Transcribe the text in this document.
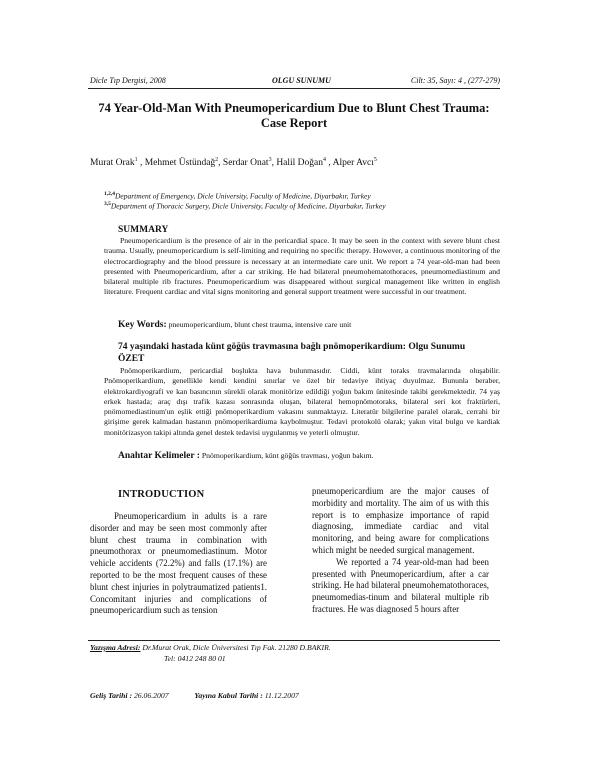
Dicle Tıp Dergisi, 2008	OLGU SUNUMU	Cilt: 35, Sayı: 4 , (277-279)
74 Year-Old-Man With Pneumopericardium Due to Blunt Chest Trauma: Case Report
Murat Orak$^1$ , Mehmet Üstündağ$^2$, Serdar Onat$^3$, Halil Doğan$^4$ , Alper Avcı$^5$
$^{1,2,4}$Department of Emergency, Dicle University, Faculty of Medicine, Diyarbakır, Turkey
$^{3,5}$Department of Thoracic Surgery, Dicle University, Faculty of Medicine, Diyarbakır, Turkey
SUMMARY
Pneumopericardium is the presence of air in the pericardial space. It may be seen in the context with severe blunt chest trauma. Usually, pneumopericardium is self-limiting and requiring no specific therapy. However, a continuous monitoring of the electrocardiography and the blood pressure is necessary at an intermediate care unit. We report a 74 year-old-man had been presented with Pneumopericardium, after a car striking. He had bilateral pneumohematothoraces, pneumomediastinum and bilateral multiple rib fractures. Pneumopericardium was disappeared without surgical management like written in english literature. Frequent cardiac and vital signs monitoring and general support treatment were successful in our treatment.
Key Words: pneumopericardium, blunt chest trauma, intensive care unit
74 yaşındaki hastada künt göğüs travmasına bağlı pnömoperikardium: Olgu Sunumu
ÖZET
Pnömoperikardium, pericardial boşlukta hava bulunmasıdır. Ciddi, künt toraks travmalarında oluşabilir. Pnömoperikardium, genellikle kendi kendini sınırlar ve özel bir tedaviye ihtiyaç duyulmaz. Bununla beraber, elektrokardiyografi ve kan basıncının sürekli olarak monitörize edildiği yoğun bakım ünitesinde takibi gerekmektedir. 74 yaş erkek hastada; araç dışı trafik kazası sonrasında oluşan, bilateral hemopnömotoraks, bilateral seri kot fraktürleri, pnömomediastinum'un eşlik ettiği pnömoperikardium vakasını sunmaktayız. Literatür bilgilerine paralel olarak, cerrahi bir girişime gerek kalmadan hastanın pnömoperikardiuma kaybolmuştur. Tedavi protokolü olarak; yakın vital bulgu ve kardiak monitörizasyon takipi altında genel destek tedavisi uygulanmış ve yeterli olmuştur.
Anahtar Kelimeler : Pnömoperikardium, künt göğüs travması, yoğun bakım.
INTRODUCTION

Pneumopericardium in adults is a rare disorder and may be seen most commonly after blunt chest trauma in combination with pneumothorax or pneumomediastinum. Motor vehicle accidents (72.2%) and falls (17.1%) are reported to be the most frequent causes of these blunt chest injuries in polytraumatized patients1. Concomitant injuries and complications of pneumopericardium such as tension

pneumopericardium are the major causes of morbidity and mortality. The aim of us with this report is to emphasize importance of rapid diagnosing, immediate cardiac and vital monitoring, and being aware for complications which might be needed surgical management.

We reported a 74 year-old-man had been presented with Pneumopericardium, after a car striking. He had bilateral pneumohematothoraces, pneumomedias-tinum and bilateral multiple rib fractures. He was diagnosed 5 hours after

Yazışma Adresi: Dr.Murat Orak, Dicle Üniversitesi Tıp Fak. 21280 D.BAKIR.
Tel: 0412 248 80 01
Geliş Tarihi : 26.06.2007	Yayına Kabul Tarihi : 11.12.2007
